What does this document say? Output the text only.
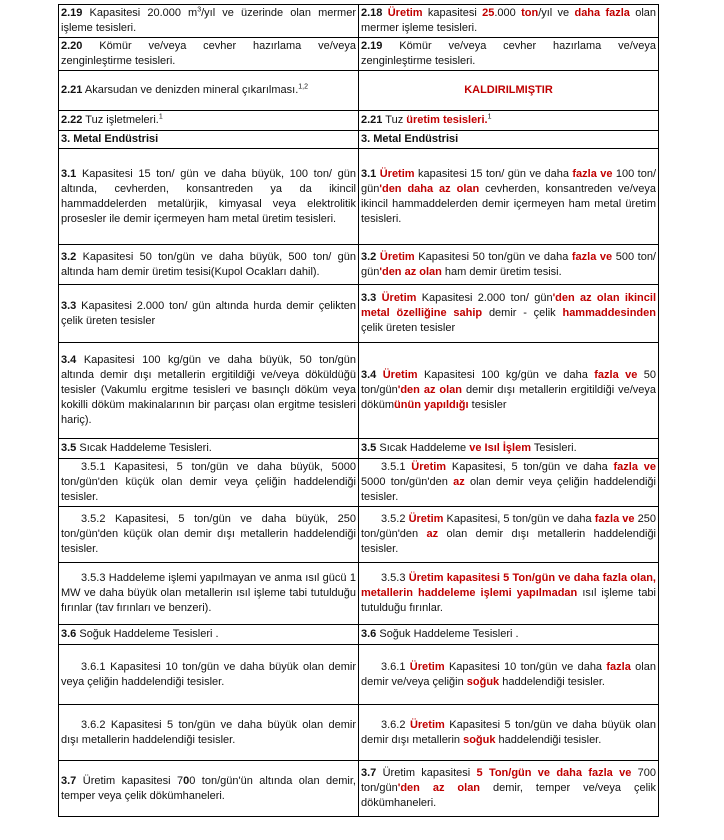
2.19 Kapasitesi 20.000 $m^3$/yıl ve üzerinde olan mermer işleme tesisleri.	2.18 Üretim kapasitesi 25.000 ton/yıl ve daha fazla olan mermer işleme tesisleri.
2.20 Kömür ve/veya cevher hazırlama ve/veya zenginleştirme tesisleri.	2.19 Kömür ve/veya cevher hazırlama ve/veya zenginleştirme tesisleri.
2.21 Akarsudan ve denizden mineral çıkarılması.$^{1,2}$	KALDIRILMIŞTIR
2.22 Tuz işletmeleri.$^1$	2.21 Tuz üretim tesisleri.$^1$
3. Metal Endüstrisi	3. Metal Endüstrisi
3.1 Kapasitesi 15 ton/ gün ve daha büyük, 100 ton/ gün altında, cevherden, konsantreden ya da ikincil hammaddelerden metalürjik, kimyasal veya elektrolitik prosesler ile demir içermeyen ham metal üretim tesisleri.	3.1 Üretim kapasitesi 15 ton/ gün ve daha fazla ve 100 ton/ gün'den daha az olan cevherden, konsantreden ve/veya ikincil hammaddelerden demir içermeyen ham metal üretim tesisleri.
3.2 Kapasitesi 50 ton/gün ve daha büyük, 500 ton/ gün altında ham demir üretim tesisi(Kupol Ocakları dahil).	3.2 Üretim Kapasitesi 50 ton/gün ve daha fazla ve 500 ton/ gün'den az olan ham demir üretim tesisi.
3.3 Kapasitesi 2.000 ton/ gün altında hurda demir çelikten çelik üreten tesisler	3.3 Üretim Kapasitesi 2.000 ton/ gün'den az olan ikincil metal özelliğine sahip demir - çelik hammaddesinden çelik üreten tesisler
3.4 Kapasitesi 100 kg/gün ve daha büyük, 50 ton/gün altında demir dışı metallerin ergitildiği ve/veya döküldüğü tesisler (Vakumlu ergitme tesisleri ve basınçlı döküm veya kokilli döküm makinalarının bir parçası olan ergitme tesisleri hariç).	3.4 Üretim Kapasitesi 100 kg/gün ve daha fazla ve 50 ton/gün'den az olan demir dışı metallerin ergitildiği ve/veya dökümünün yapıldığı tesisler
3.5 Sıcak Haddeleme Tesisleri.	3.5 Sıcak Haddeleme ve Isıl İşlem Tesisleri.
3.5.1 Kapasitesi, 5 ton/gün ve daha büyük, 5000 ton/gün'den küçük olan demir veya çeliğin haddelendiği tesisler.	3.5.1 Üretim Kapasitesi, 5 ton/gün ve daha fazla ve 5000 ton/gün'den az olan demir veya çeliğin haddelendiği tesisler.
3.5.2 Kapasitesi, 5 ton/gün ve daha büyük, 250 ton/gün'den küçük olan demir dışı metallerin haddelendiği tesisler.	3.5.2 Üretim Kapasitesi, 5 ton/gün ve daha fazla ve 250 ton/gün'den az olan demir dışı metallerin haddelendiği tesisler.
3.5.3 Haddeleme işlemi yapılmayan ve anma ısıl gücü 1 MW ve daha büyük olan metallerin ısıl işleme tabi tutulduğu fırınlar (tav fırınları ve benzeri).	3.5.3 Üretim kapasitesi 5 Ton/gün ve daha fazla olan, metallerin haddeleme işlemi yapılmadan ısıl işleme tabi tutulduğu fırınlar.
3.6 Soğuk Haddeleme Tesisleri .	3.6 Soğuk Haddeleme Tesisleri .
3.6.1 Kapasitesi 10 ton/gün ve daha büyük olan demir veya çeliğin haddelendiği tesisler.	3.6.1 Üretim Kapasitesi 10 ton/gün ve daha fazla olan demir ve/veya çeliğin soğuk haddelendiği tesisler.
3.6.2 Kapasitesi 5 ton/gün ve daha büyük olan demir dışı metallerin haddelendiği tesisler.	3.6.2 Üretim Kapasitesi 5 ton/gün ve daha büyük olan demir dışı metallerin soğuk haddelendiği tesisler.
3.7 Üretim kapasitesi 700 ton/gün'ün altında olan demir, temper veya çelik dökümhaneleri.	3.7 Üretim kapasitesi 5 Ton/gün ve daha fazla ve 700 ton/gün'den az olan demir, temper ve/veya çelik dökümhaneleri.
